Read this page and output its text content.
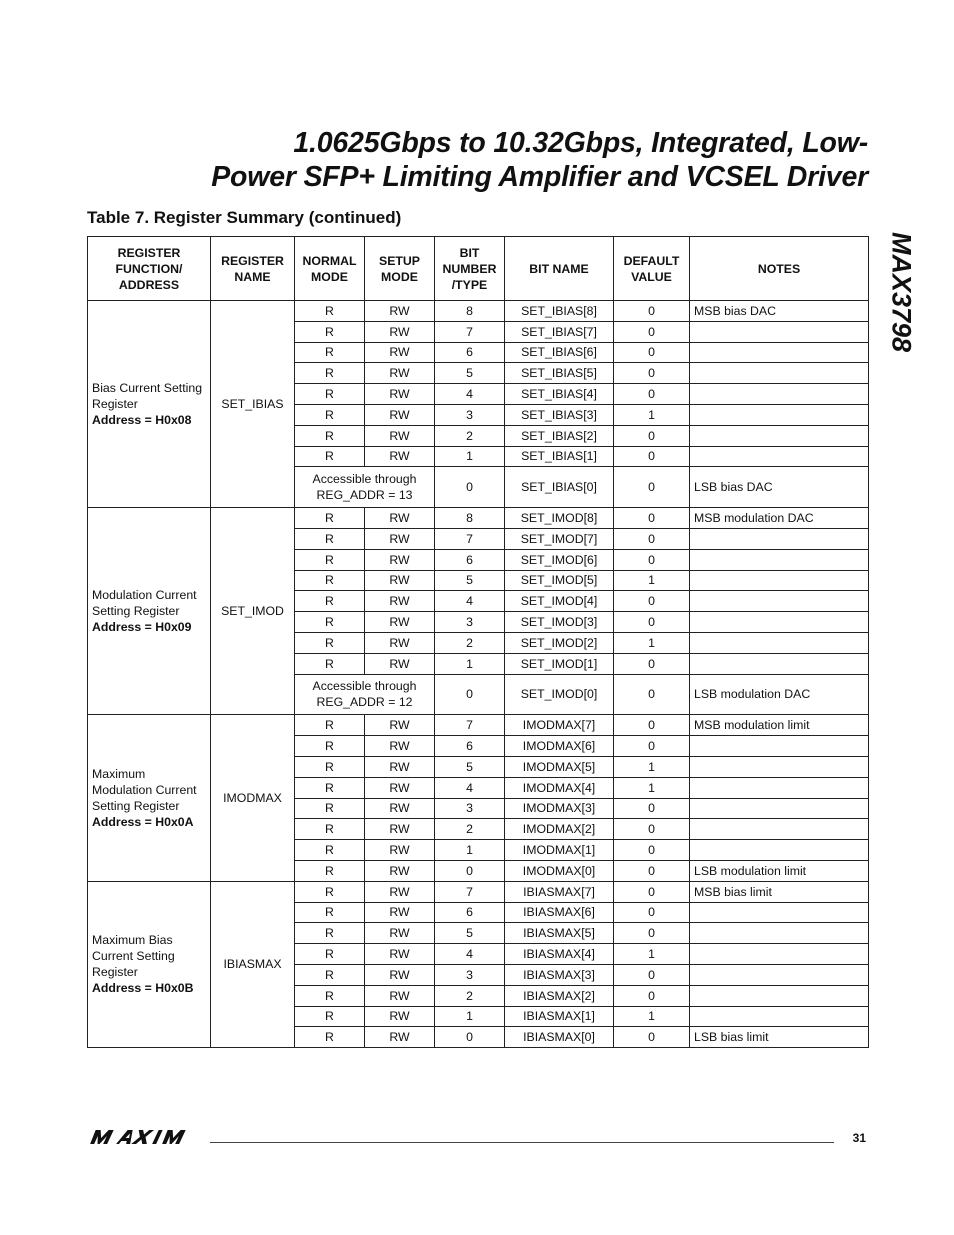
1.0625Gbps to 10.32Gbps, Integrated, Low-
Power SFP+ Limiting Amplifier and VCSEL Driver
MAX3798
Table 7. Register Summary (continued)
REGISTER FUNCTION/ ADDRESS	REGISTER NAME	NORMAL MODE	SETUP MODE	BIT NUMBER /TYPE	BIT NAME	DEFAULT VALUE	NOTES
Bias Current Setting Register
Address = H0x08	SET_IBIAS	R	RW	8	SET_IBIAS[8]	0	MSB bias DAC
		R	RW	7	SET_IBIAS[7]	0	
		R	RW	6	SET_IBIAS[6]	0	
		R	RW	5	SET_IBIAS[5]	0	
		R	RW	4	SET_IBIAS[4]	0	
		R	RW	3	SET_IBIAS[3]	1	
		R	RW	2	SET_IBIAS[2]	0	
		R	RW	1	SET_IBIAS[1]	0	
		Accessible through REG_ADDR = 13		0	SET_IBIAS[0]	0	LSB bias DAC
Modulation Current Setting Register
Address = H0x09	SET_IMOD	R	RW	8	SET_IMOD[8]	0	MSB modulation DAC
		R	RW	7	SET_IMOD[7]	0	
		R	RW	6	SET_IMOD[6]	0	
		R	RW	5	SET_IMOD[5]	1	
		R	RW	4	SET_IMOD[4]	0	
		R	RW	3	SET_IMOD[3]	0	
		R	RW	2	SET_IMOD[2]	1	
		R	RW	1	SET_IMOD[1]	0	
		Accessible through REG_ADDR = 12		0	SET_IMOD[0]	0	LSB modulation DAC
Maximum Modulation Current Setting Register
Address = H0x0A	IMODMAX	R	RW	7	IMODMAX[7]	0	MSB modulation limit
		R	RW	6	IMODMAX[6]	0	
		R	RW	5	IMODMAX[5]	1	
		R	RW	4	IMODMAX[4]	1	
		R	RW	3	IMODMAX[3]	0	
		R	RW	2	IMODMAX[2]	0	
		R	RW	1	IMODMAX[1]	0	
		R	RW	0	IMODMAX[0]	0	LSB modulation limit
Maximum Bias Current Setting Register
Address = H0x0B	IBIASMAX	R	RW	7	IBIASMAX[7]	0	MSB bias limit
		R	RW	6	IBIASMAX[6]	0	
		R	RW	5	IBIASMAX[5]	0	
		R	RW	4	IBIASMAX[4]	1	
		R	RW	3	IBIASMAX[3]	0	
		R	RW	2	IBIASMAX[2]	0	
		R	RW	1	IBIASMAX[1]	1	
		R	RW	0	IBIASMAX[0]	0	LSB bias limit
MAXIM
31
